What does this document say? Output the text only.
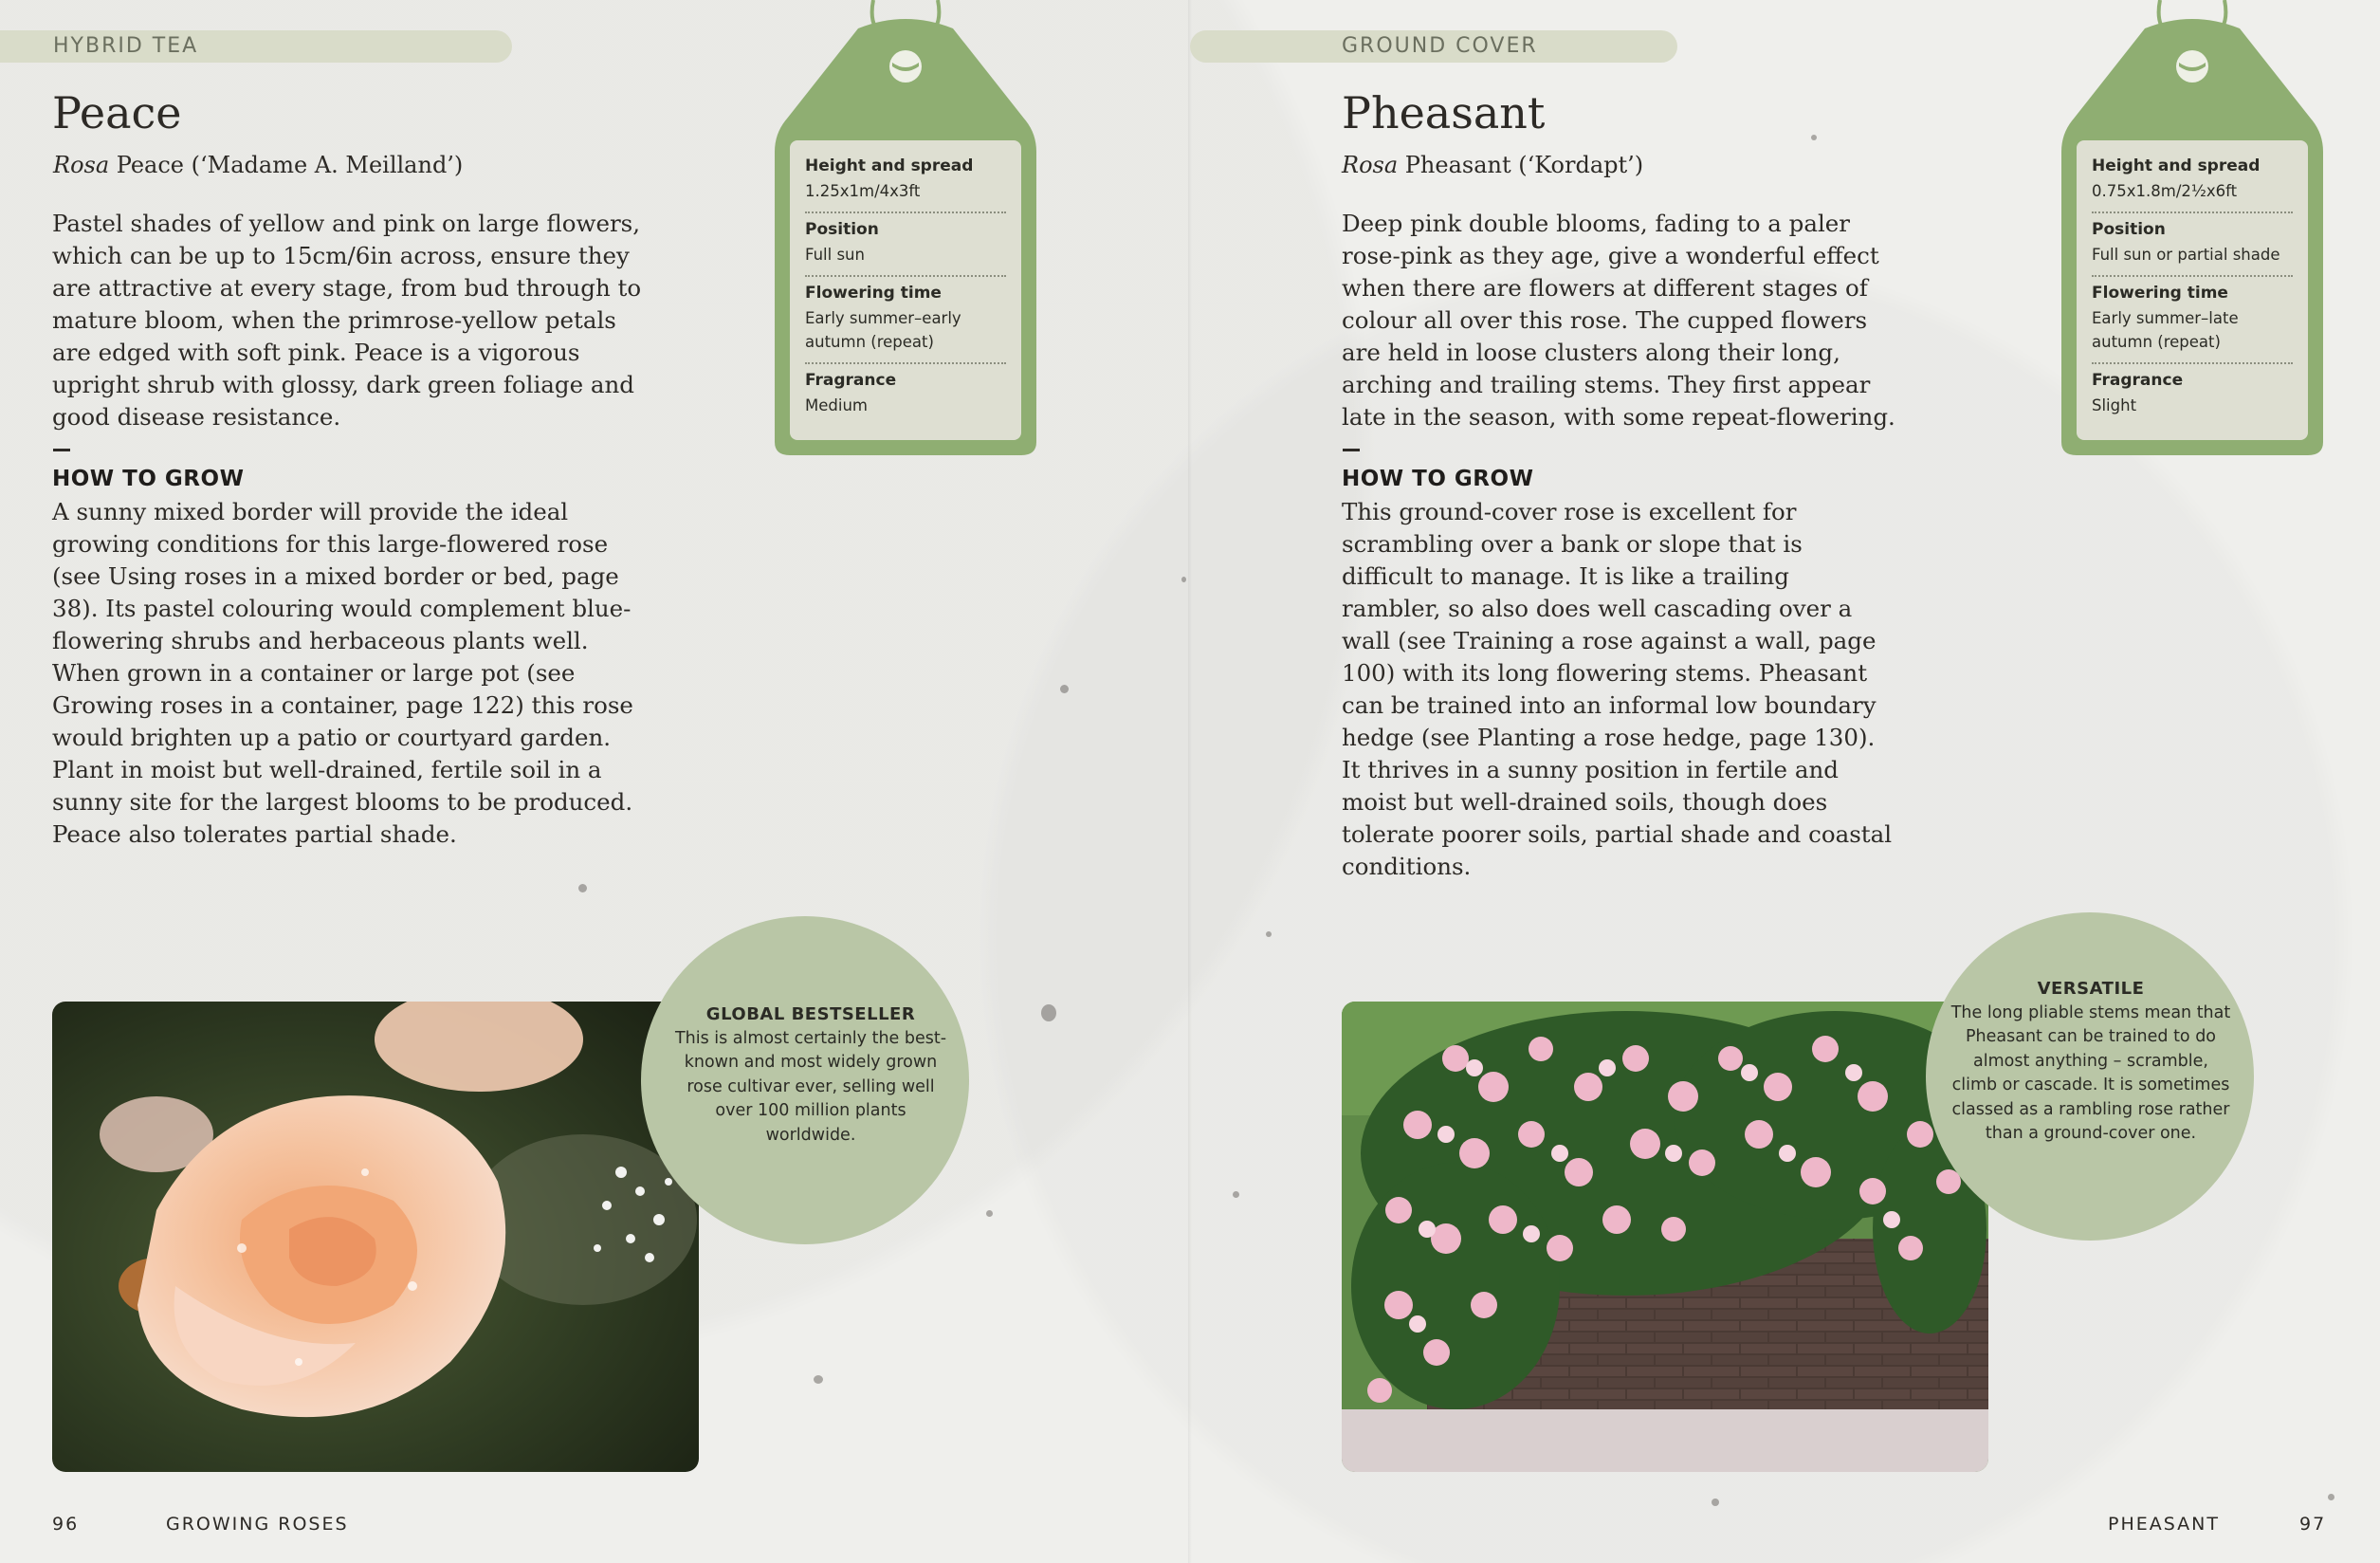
HYBRID TEA
Peace
Rosa Peace (‘Madame A. Meilland’)

Pastel shades of yellow and pink on large flowers, which can be up to 15cm/6in across, ensure they are attractive at every stage, from bud through to mature bloom, when the primrose-yellow petals are edged with soft pink. Peace is a vigorous upright shrub with glossy, dark green foliage and good disease resistance.

HOW TO GROW

A sunny mixed border will provide the ideal growing conditions for this large-flowered rose (see Using roses in a mixed border or bed, page 38). Its pastel colouring would complement blue-flowering shrubs and herbaceous plants well. When grown in a container or large pot (see Growing roses in a container, page 122) this rose would brighten up a patio or courtyard garden. Plant in moist but well-drained, fertile soil in a sunny site for the largest blooms to be produced. Peace also tolerates partial shade.

Height and spread
1.25x1m/4x3ft
Position
Full sun
Flowering time
Early summer–early autumn (repeat)
Fragrance
Medium
GLOBAL BESTSELLER
This is almost certainly the best-known and most widely grown rose cultivar ever, selling well over 100 million plants worldwide.
96	GROWING ROSES
GROUND COVER
Pheasant
Rosa Pheasant (‘Kordapt’)

Deep pink double blooms, fading to a paler rose-pink as they age, give a wonderful effect when there are flowers at different stages of colour all over this rose. The cupped flowers are held in loose clusters along their long, arching and trailing stems. They first appear late in the season, with some repeat-flowering.

HOW TO GROW

This ground-cover rose is excellent for scrambling over a bank or slope that is difficult to manage. It is like a trailing rambler, so also does well cascading over a wall (see Training a rose against a wall, page 100) with its long flowering stems. Pheasant can be trained into an informal low boundary hedge (see Planting a rose hedge, page 130). It thrives in a sunny position in fertile and moist but well-drained soils, though does tolerate poorer soils, partial shade and coastal conditions.

Height and spread
0.75x1.8m/2½x6ft
Position
Full sun or partial shade
Flowering time
Early summer–late autumn (repeat)
Fragrance
Slight
VERSATILE
The long pliable stems mean that Pheasant can be trained to do almost anything – scramble, climb or cascade. It is sometimes classed as a rambling rose rather than a ground-cover one.
PHEASANT	97
